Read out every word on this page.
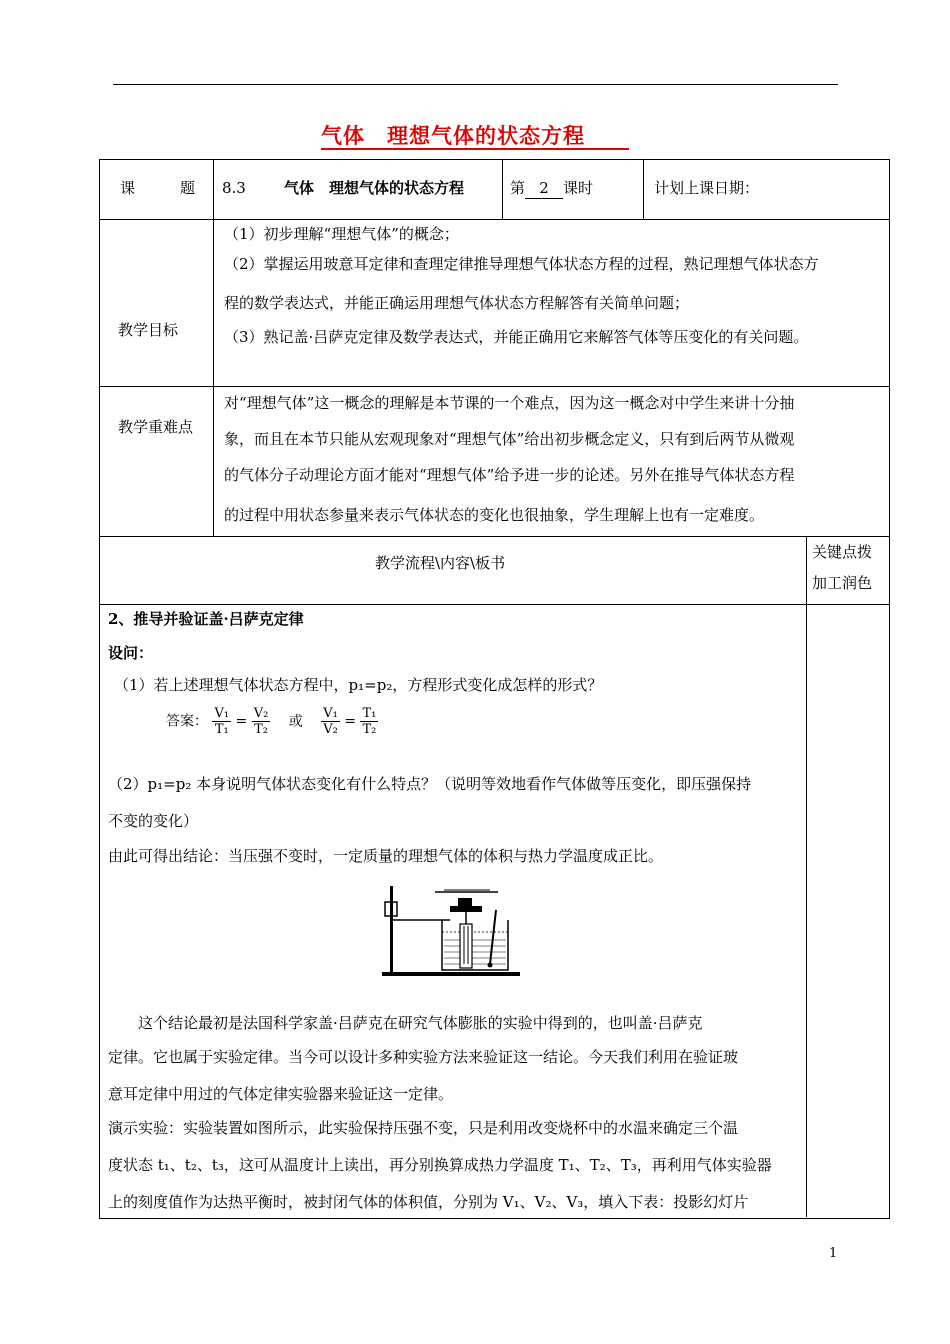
气体　理想气体的状态方程
课　　　题 8.3	气体　理想气体的状态方程	第 2 课时	计划上课日期：
教学目标
（1）初步理解“理想气体”的概念；
（2）掌握运用玻意耳定律和查理定律推导理想气体状态方程的过程，熟记理想气体状态方
程的数学表达式，并能正确运用理想气体状态方程解答有关简单问题；
（3）熟记盖·吕萨克定律及数学表达式，并能正确用它来解答气体等压变化的有关问题。
教学重难点
对“理想气体”这一概念的理解是本节课的一个难点，因为这一概念对中学生来讲十分抽
象，而且在本节只能从宏观现象对“理想气体”给出初步概念定义，只有到后两节从微观
的气体分子动理论方面才能对“理想气体”给予进一步的论述。另外在推导气体状态方程
的过程中用状态参量来表示气体状态的变化也很抽象，学生理解上也有一定难度。
教学流程\内容\板书
关键点拨
加工润色
2、推导并验证盖·吕萨克定律
设问：
（1）若上述理想气体状态方程中，p₁=p₂，方程形式变化成怎样的形式？
答案： $\frac{\text{V₁}}{\text{T₁}} = \frac{\text{V₂}}{\text{T₂}}$ 或 $\frac{\text{V₁}}{\text{V₂}} = \frac{\text{T₁}}{\text{T₂}}$
（2）p₁=p₂ 本身说明气体状态变化有什么特点？（说明等效地看作气体做等压变化，即压强保持
不变的变化）
由此可得出结论：当压强不变时，一定质量的理想气体的体积与热力学温度成正比。
这个结论最初是法国科学家盖·吕萨克在研究气体膨胀的实验中得到的，也叫盖·吕萨克
定律。它也属于实验定律。当今可以设计多种实验方法来验证这一结论。今天我们利用在验证玻
意耳定律中用过的气体定律实验器来验证这一定律。
演示实验：实验装置如图所示，此实验保持压强不变，只是利用改变烧杯中的水温来确定三个温
度状态 t₁、t₂、t₃，这可从温度计上读出，再分别换算成热力学温度 T₁、T₂、T₃，再利用气体实验器
上的刻度值作为达热平衡时，被封闭气体的体积值，分别为 V₁、V₂、V₃，填入下表：投影幻灯片
1
